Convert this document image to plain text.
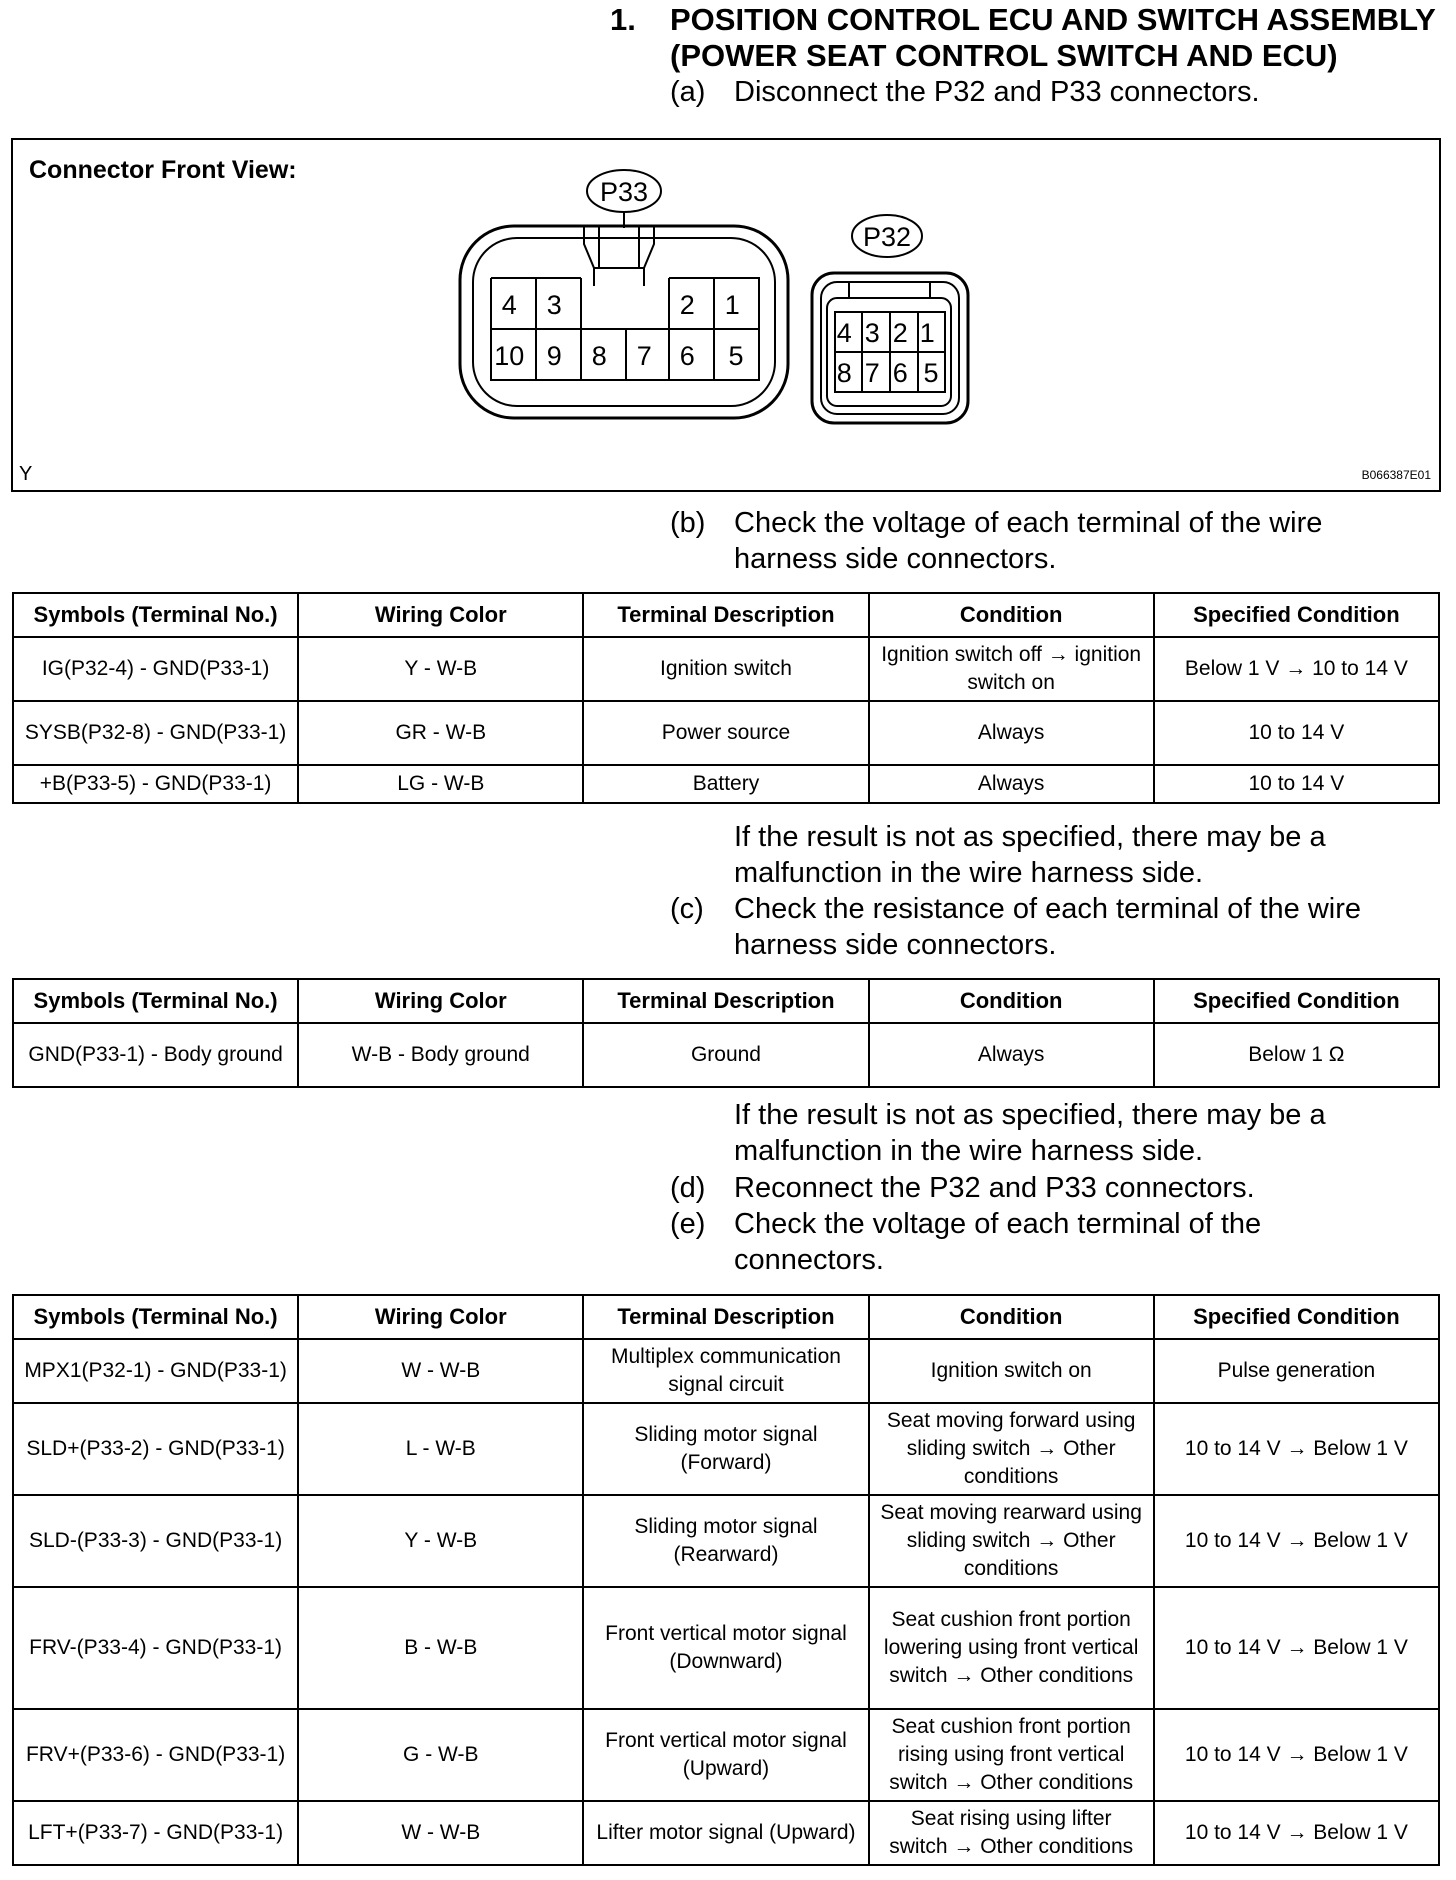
1. POSITION CONTROL ECU AND SWITCH ASSEMBLY
(POWER SEAT CONTROL SWITCH AND ECU)
(a) Disconnect the P32 and P33 connectors.
Connector Front View:
P33
4 3	2 1 10 9 8 7 6 5
P32
4 3 2 1 8 7 6 5
Y	B066387E01
(b) Check the voltage of each terminal of the wire
harness side connectors.
Symbols (Terminal No.)	Wiring Color	Terminal Description	Condition	Specified Condition
IG(P32-4) - GND(P33-1)	Y - W-B	Ignition switch	Ignition switch off → ignition switch on	Below 1 V → 10 to 14 V
SYSB(P32-8) - GND(P33-1)	GR - W-B	Power source	Always	10 to 14 V
+B(P33-5) - GND(P33-1)	LG - W-B	Battery	Always	10 to 14 V
If the result is not as specified, there may be a
malfunction in the wire harness side.
(c) Check the resistance of each terminal of the wire
harness side connectors.
Symbols (Terminal No.)	Wiring Color	Terminal Description	Condition	Specified Condition
GND(P33-1) - Body ground	W-B - Body ground	Ground	Always	Below 1 Ω
If the result is not as specified, there may be a
malfunction in the wire harness side.
(d) Reconnect the P32 and P33 connectors.
(e) Check the voltage of each terminal of the
connectors.
Symbols (Terminal No.)	Wiring Color	Terminal Description	Condition	Specified Condition
MPX1(P32-1) - GND(P33-1)	W - W-B	Multiplex communication signal circuit	Ignition switch on	Pulse generation
SLD+(P33-2) - GND(P33-1)	L - W-B	Sliding motor signal (Forward)	Seat moving forward using sliding switch → Other conditions	10 to 14 V → Below 1 V
SLD-(P33-3) - GND(P33-1)	Y - W-B	Sliding motor signal (Rearward)	Seat moving rearward using sliding switch → Other conditions	10 to 14 V → Below 1 V
FRV-(P33-4) - GND(P33-1)	B - W-B	Front vertical motor signal (Downward)	Seat cushion front portion lowering using front vertical switch → Other conditions	10 to 14 V → Below 1 V
FRV+(P33-6) - GND(P33-1)	G - W-B	Front vertical motor signal (Upward)	Seat cushion front portion rising using front vertical switch → Other conditions	10 to 14 V → Below 1 V
LFT+(P33-7) - GND(P33-1)	W - W-B	Lifter motor signal (Upward)	Seat rising using lifter switch → Other conditions	10 to 14 V → Below 1 V
